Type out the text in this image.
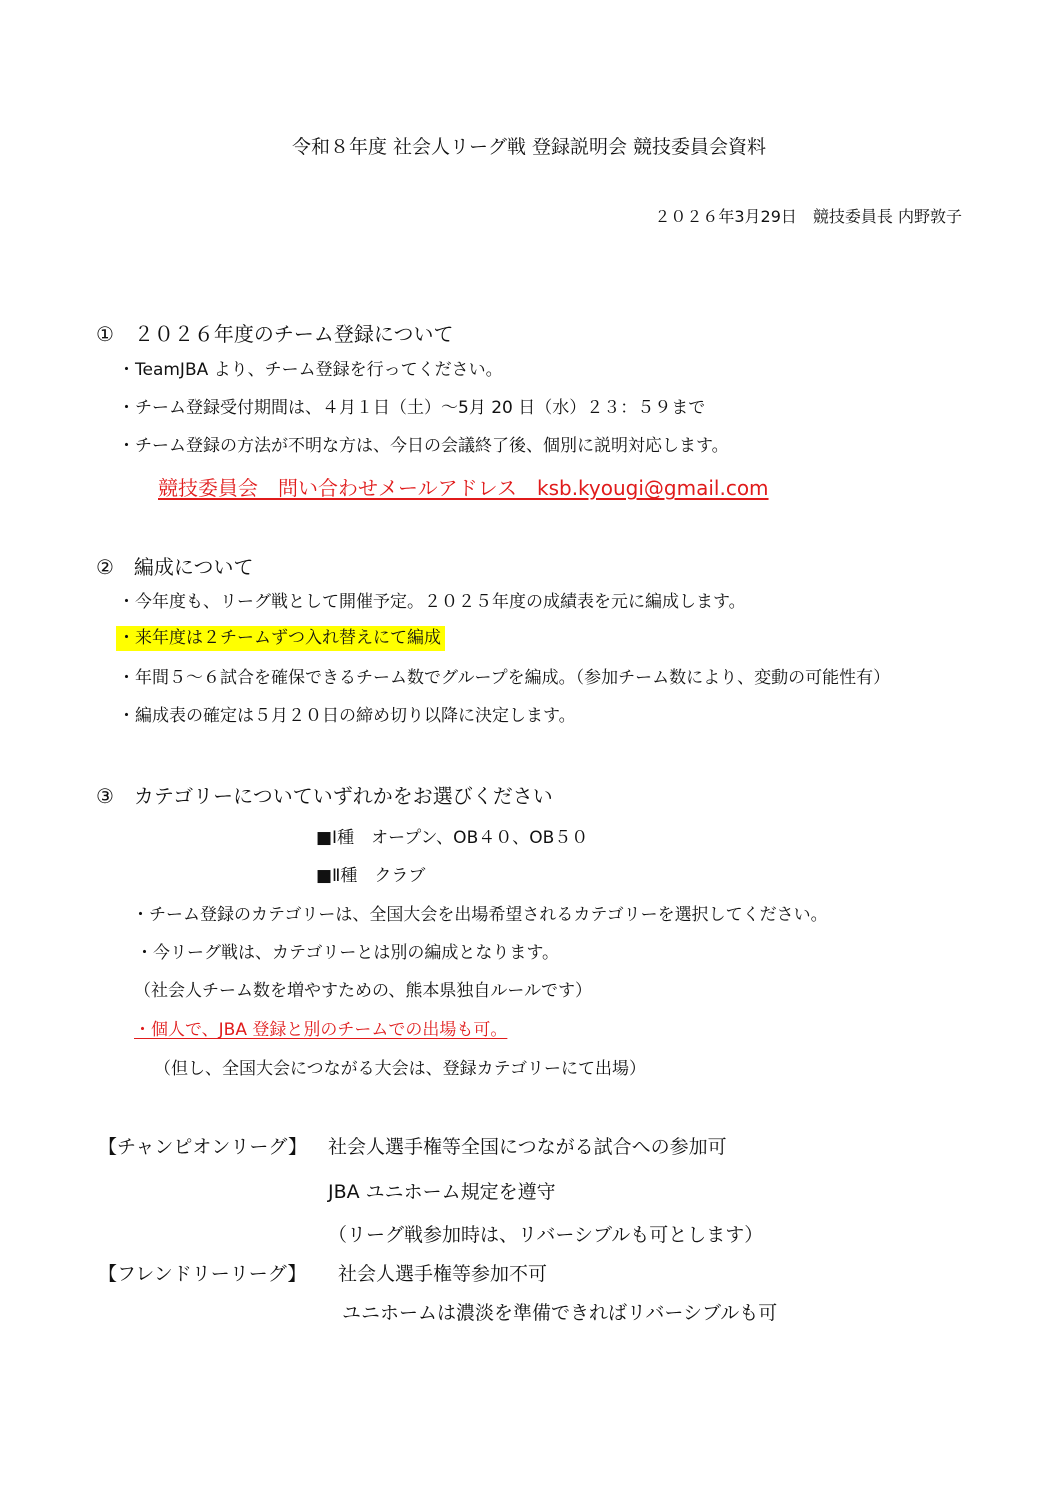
令和８年度 社会人リーグ戦 登録説明会 競技委員会資料
２０２６年3月29日　競技委員長 内野敦子
①　２０２６年度のチーム登録について
・TeamJBA より、チーム登録を行ってください。
・チーム登録受付期間は、４月１日（土）～5月 20 日（水）２３：５９まで
・チーム登録の方法が不明な方は、今日の会議終了後、個別に説明対応します。
競技委員会　問い合わせメールアドレス　ksb.kyougi@gmail.com
②　編成について
・今年度も、リーグ戦として開催予定。２０２５年度の成績表を元に編成します。
・来年度は２チームずつ入れ替えにて編成
・年間５～６試合を確保できるチーム数でグループを編成。（参加チーム数により、変動の可能性有）
・編成表の確定は５月２０日の締め切り以降に決定します。
③　カテゴリーについていずれかをお選びください
■Ⅰ種　オープン、OB４０、OB５０
■Ⅱ種　クラブ
・チーム登録のカテゴリーは、全国大会を出場希望されるカテゴリーを選択してください。
・今リーグ戦は、カテゴリーとは別の編成となります。
（社会人チーム数を増やすための、熊本県独自ルールです）
・個人で、JBA 登録と別のチームでの出場も可。
（但し、全国大会につながる大会は、登録カテゴリーにて出場）
【チャンピオンリーグ】 社会人選手権等全国につながる試合への参加可
JBA ユニホーム規定を遵守
（リーグ戦参加時は、リバーシブルも可とします）
【フレンドリーリーグ】 社会人選手権等参加不可
ユニホームは濃淡を準備できればリバーシブルも可
